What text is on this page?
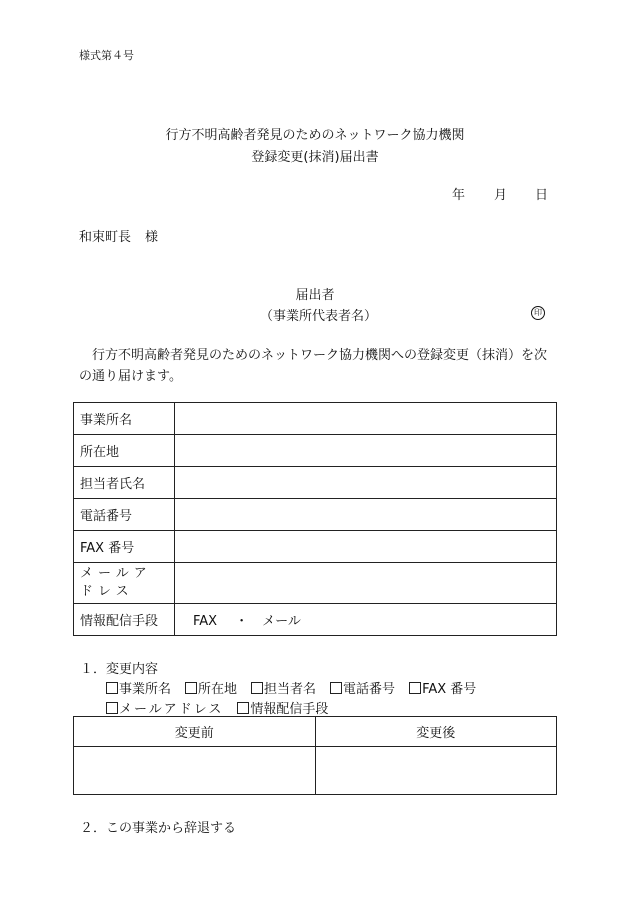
様式第４号
行方不明高齢者発見のためのネットワーク協力機関
登録変更(抹消)届出書
年 月 日
和束町長 様
届出者
（事業所代表者名）	印
行方不明高齢者発見のためのネットワーク協力機関への登録変更（抹消）を次の通り届けます。
事業所名	
所在地	
担当者氏名	
電話番号	
FAX 番号	
メールアドレス	
情報配信手段	FAX ・ メール
１．変更内容
事業所名 所在地 担当者名 電話番号 FAX 番号
メールアドレス 情報配信手段
変更前	変更後

２．この事業から辞退する
